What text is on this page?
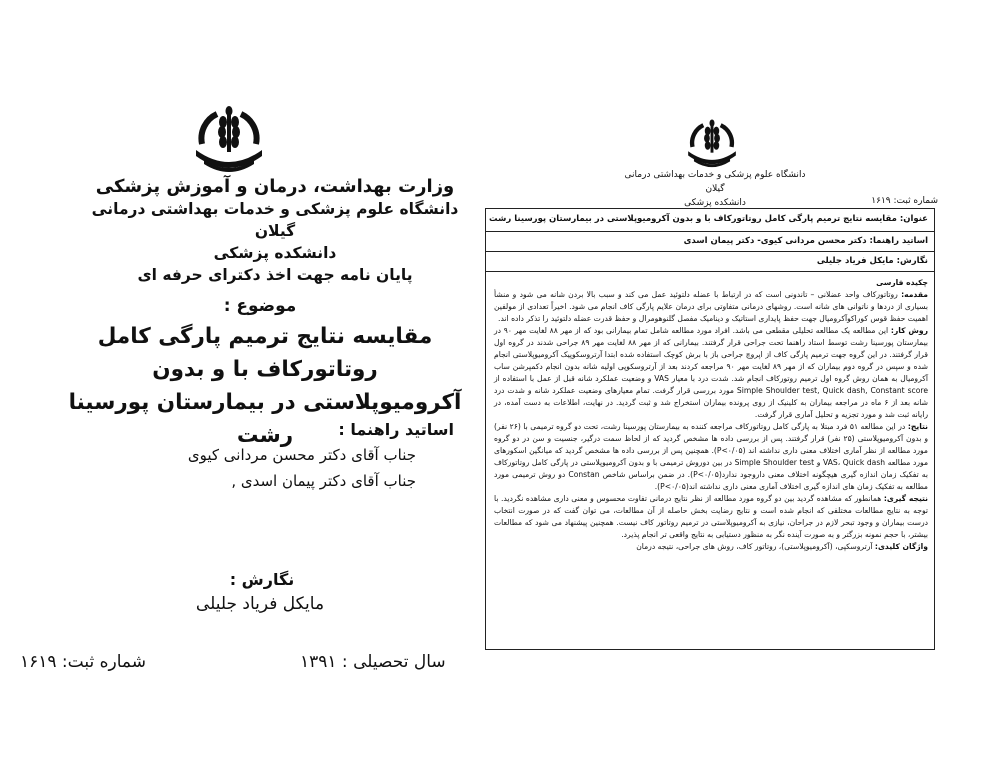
وزارت بهداشت، درمان و آموزش پزشکی
دانشگاه علوم پزشکی و خدمات بهداشتی درمانی گیلان
دانشکده پزشکی
پایان نامه جهت اخذ دکترای حرفه ای
موضوع :
مقایسه نتایج ترمیم پارگی کامل روتاتورکاف با و بدون
آکرومیوپلاستی در بیمارستان پورسینا رشت	اساتید راهنما :
جناب آقای دکتر محسن مردانی کیوی
جناب آقای دکتر پیمان اسدی ,
نگارش :
مایکل فرياد جلیلی
شماره ثبت: ۱۶۱۹	سال تحصیلی : ۱۳۹۱
دانشگاه علوم پزشکی و خدمات بهداشتی درمانی گیلان
دانشکده پزشکی	شماره ثبت: ۱۶۱۹
عنوان: مقایسه نتایج ترمیم پارگی کامل روتاتورکاف با و بدون آکرومیوپلاستی در بیمارستان پورسینا رشت
اساتید راهنما: دکتر محسن مردانی کیوی- دکتر پیمان اسدی
نگارش: مایکل فرياد جلیلی

چکیده فارسی

مقدمه: روتاتورکاف واحد عضلانی – تاندونی است که در ارتباط با عضله دلتوئید عمل می کند و سبب بالا بردن شانه می شود و منشأ بسیاری از دردها و ناتوانی های شانه است. روشهای درمانی متفاوتی برای درمان علایم پارگی کاف انجام می شود. اخیراً تعدادی از مولفین اهمیت حفظ قوس کوراکوآکرومیال جهت حفظ پایداری استاتیک و دینامیک مفصل گلنوهومرال و حفظ قدرت عضله دلتوئید را تذکر داده اند.

روش کار: این مطالعه یک مطالعه تحلیلی مقطعی می باشد. افراد مورد مطالعه شامل تمام بیمارانی بود که از مهر ۸۸ لغایت مهر ۹۰ در بیمارستان پورسینا رشت توسط استاد راهنما تحت جراحی قرار گرفتند. بیمارانی که از مهر ۸۸ لغایت مهر ۸۹ جراحی شدند در گروه اول قرار گرفتند. در این گروه جهت ترمیم پارگی کاف از اپروچ جراحی باز با برش کوچک استفاده شده ابتدا آرتروسکوپیک آکرومیوپلاستی انجام شده و سپس در گروه دوم بیماران که از مهر ۸۹ لغایت مهر ۹۰ مراجعه کردند بعد از آرتروسکوپی اولیه شانه بدون انجام دکمپرشن ساب آکرومیال به همان روش گروه اول ترمیم روتورکاف انجام شد. شدت درد با معیار VAS و وضعیت عملکرد شانه قبل از عمل با استفاده از Simple Shoulder test, Quick dash, Constant score مورد بررسی قرار گرفت. تمام معیارهای وضعیت عملکرد شانه و شدت درد شانه بعد از ۶ ماه در مراجعه بیماران به کلینیک از روی پرونده بیماران استخراج شد و ثبت گردید. در نهایت، اطلاعات به دست آمده، در رایانه ثبت شد و مورد تجزیه و تحلیل آماری قرار گرفت.

نتایج: در این مطالعه ۵۱ فرد مبتلا به پارگی کامل روتاتورکاف مراجعه کننده به بیمارستان پورسینا رشت، تحت دو گروه ترمیمی با (۲۶ نفر) و بدون آکرومیوپلاستی (۲۵ نفر) قرار گرفتند. پس از بررسی داده ها مشخص گردید که از لحاظ سمت درگیر، جنسیت و سن در دو گروه مورد مطالعه از نظر آماری اختلاف معنی داری نداشته اند (P<۰/۰۵). همچنین پس از بررسی داده ها مشخص گردید که میانگین اسکورهای مورد مطالعه VAS، Quick dash و Simple Shoulder test در بین دوروش ترمیمی با و بدون آکرومیوپلاستی در پارگی کامل روتاتورکاف به تفکیک زمان اندازه گیری هیچگونه اختلاف معنی داروجود ندارد(P<۰/۰۵). در ضمن براساس شاخص Constan دو روش ترمیمی مورد مطالعه به تفکیک زمان های اندازه گیری اختلاف آماری معنی داری نداشته اند(P<۰/۰۵).

نتیجه گیری: همانطور که مشاهده گردید بین دو گروه مورد مطالعه از نظر نتایج درمانی تفاوت محسوس و معنی داری مشاهده نگردید. با توجه به نتایج مطالعات مختلفی که انجام شده است و نتایج رضایت بخش حاصله از آن مطالعات، می توان گفت که در صورت انتخاب درست بیماران و وجود تبحر لازم در جراحان، نیازی به آکرومیوپلاستی در ترمیم روتاتور کاف نیست. همچنین پیشنهاد می شود که مطالعات بیشتر، با حجم نمونه بزرگتر و به صورت آینده نگر به منظور دستیابی به نتایج واقعی تر انجام پذیرد.

واژگان کلیدی: آرتروسکپی، (آکرومیوپلاستی)، روتاتور کاف، روش های جراحی، نتیجه درمان
